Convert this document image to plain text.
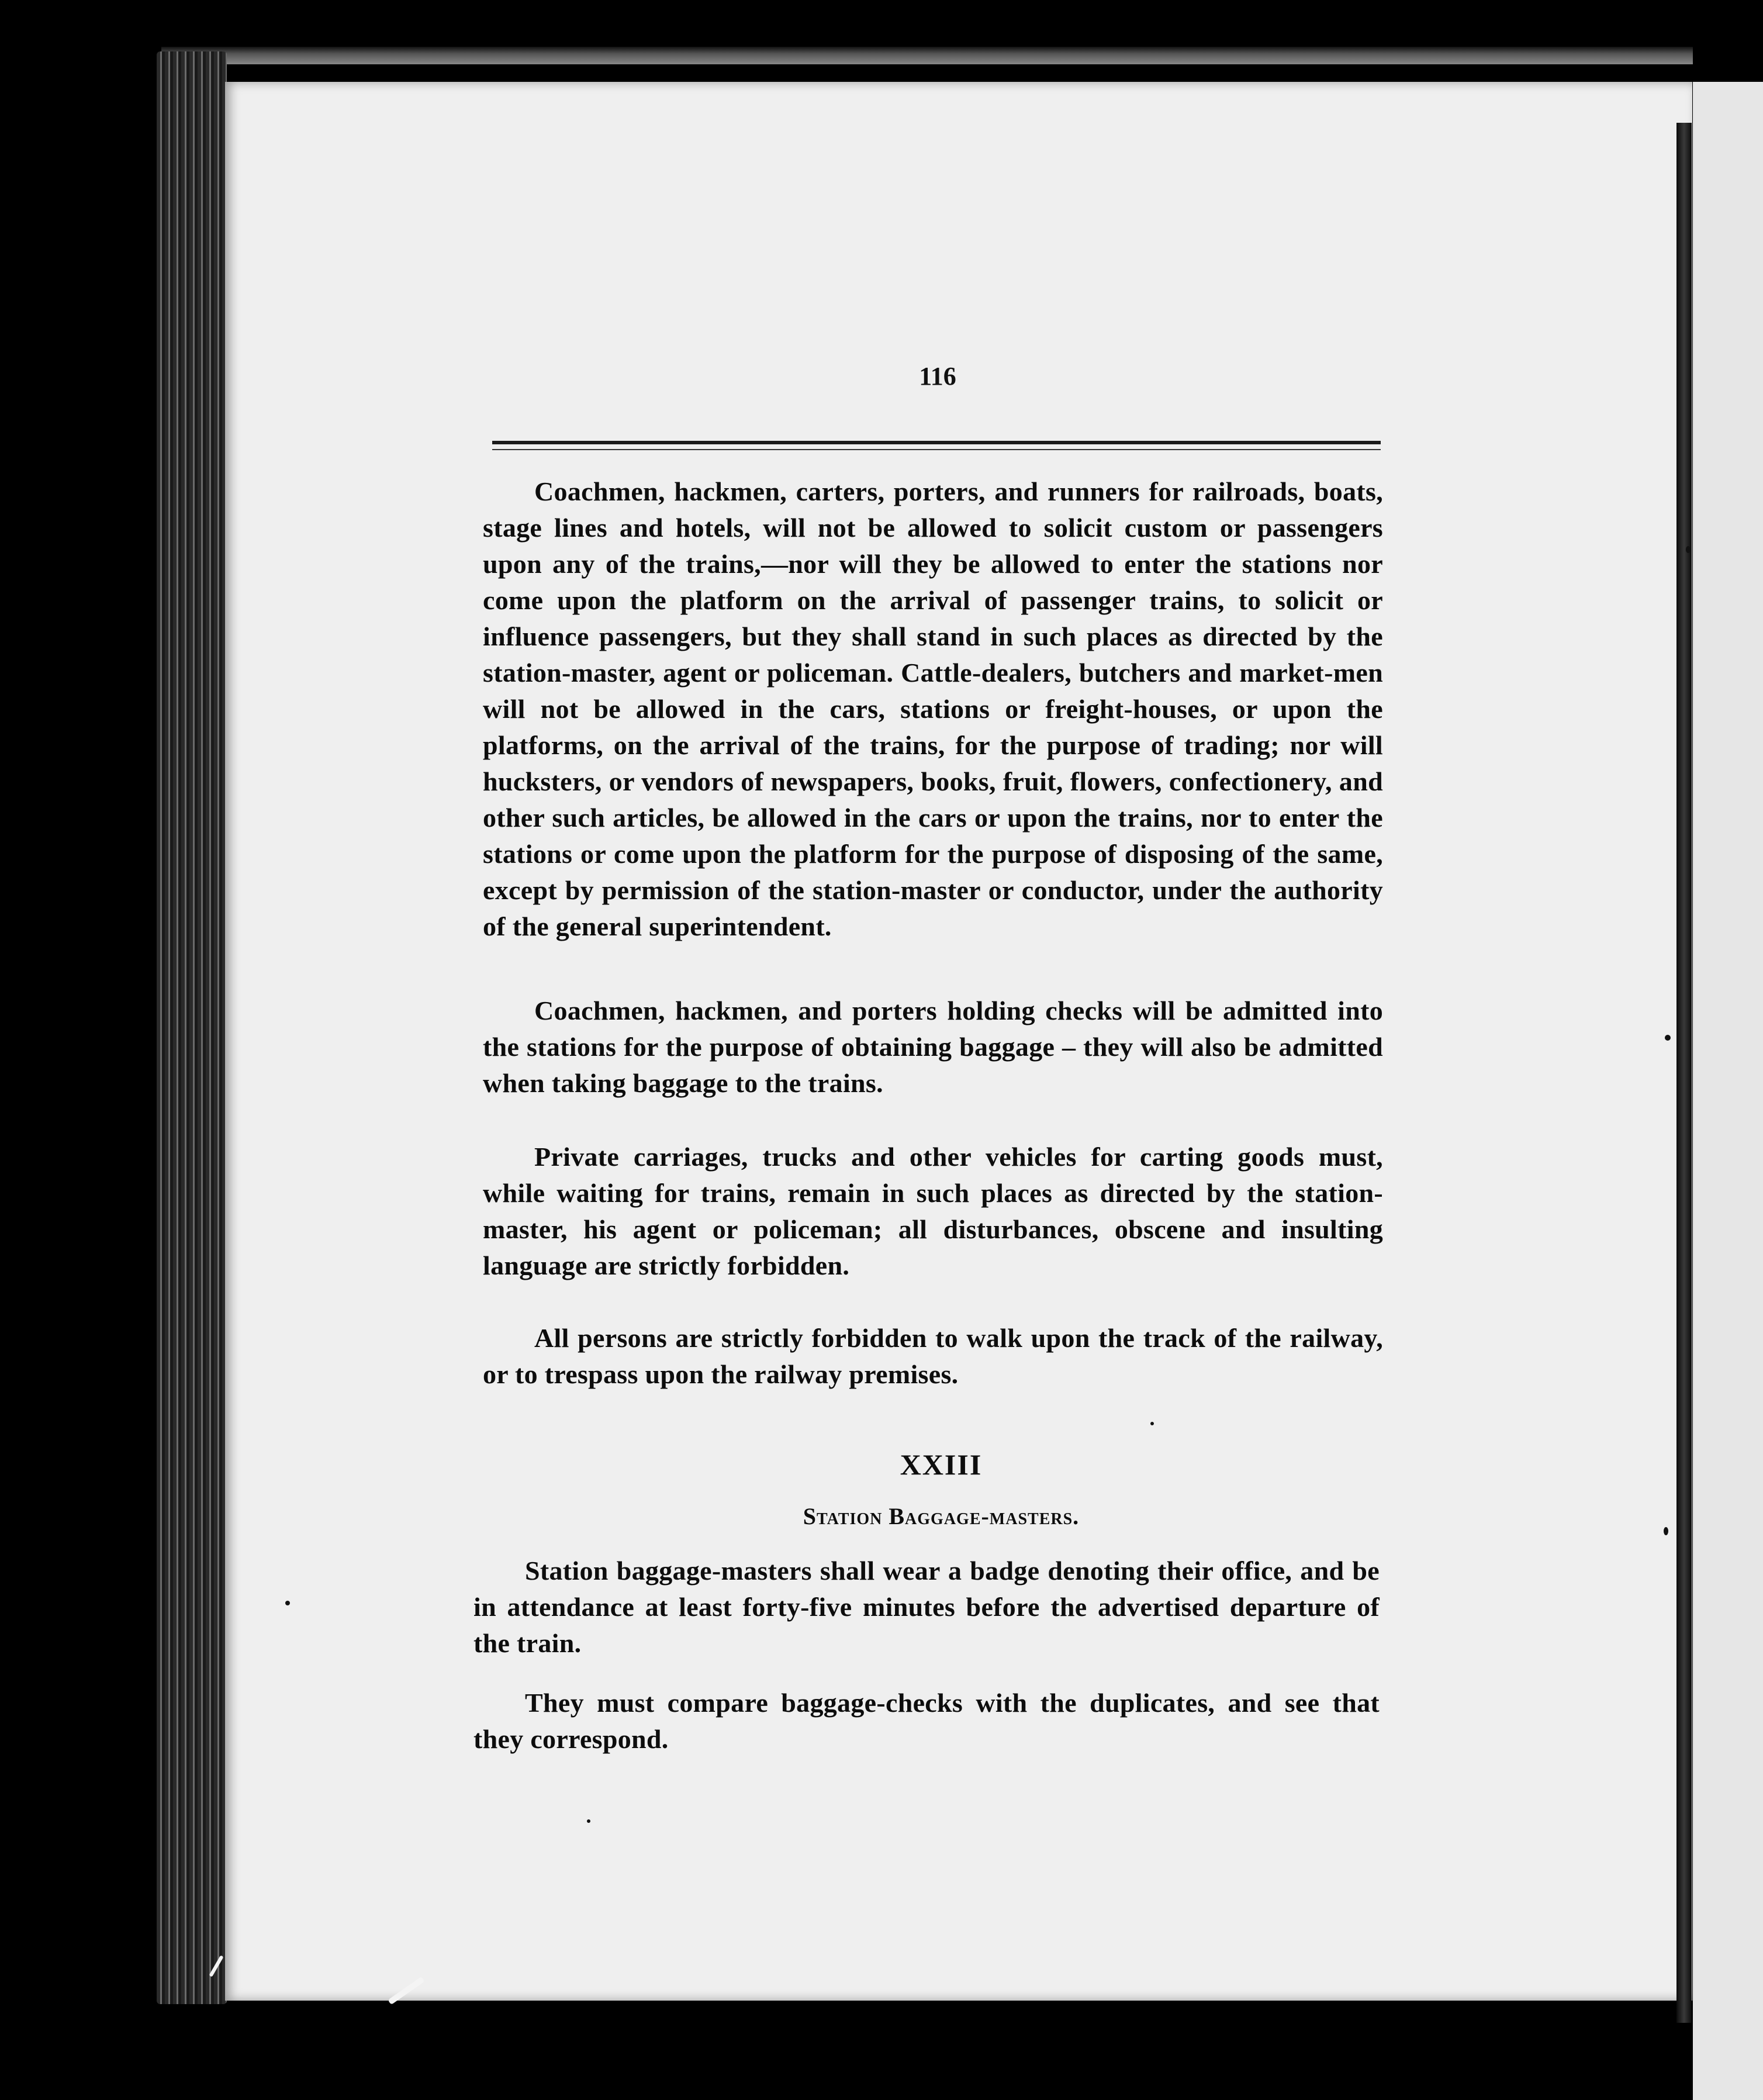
116
Coachmen, hackmen, carters, porters, and runners for railroads, boats, stage lines and hotels, will not be allowed to solicit custom or passengers upon any of the trains,—nor will they be allowed to enter the stations nor come upon the platform on the arrival of passenger trains, to solicit or influence passengers, but they shall stand in such places as directed by the station-master, agent or policeman. Cattle-dealers, butchers and market-men will not be allowed in the cars, stations or freight-houses, or upon the platforms, on the arrival of the trains, for the purpose of trading; nor will hucksters, or vendors of newspapers, books, fruit, flowers, confectionery, and other such articles, be allowed in the cars or upon the trains, nor to enter the stations or come upon the platform for the purpose of disposing of the same, except by permission of the station-master or conductor, under the authority of the general superintendent.
Coachmen, hackmen, and porters holding checks will be admitted into the stations for the purpose of obtaining baggage – they will also be admitted when taking baggage to the trains.
Private carriages, trucks and other vehicles for carting goods must, while waiting for trains, remain in such places as directed by the station-master, his agent or policeman; all disturbances, obscene and insulting language are strictly forbidden.
All persons are strictly forbidden to walk upon the track of the railway, or to trespass upon the railway premises.
XXIII
Station Baggage-masters.
Station baggage-masters shall wear a badge denoting their office, and be in attendance at least forty-five minutes before the advertised departure of the train.
They must compare baggage-checks with the duplicates, and see that they correspond.
